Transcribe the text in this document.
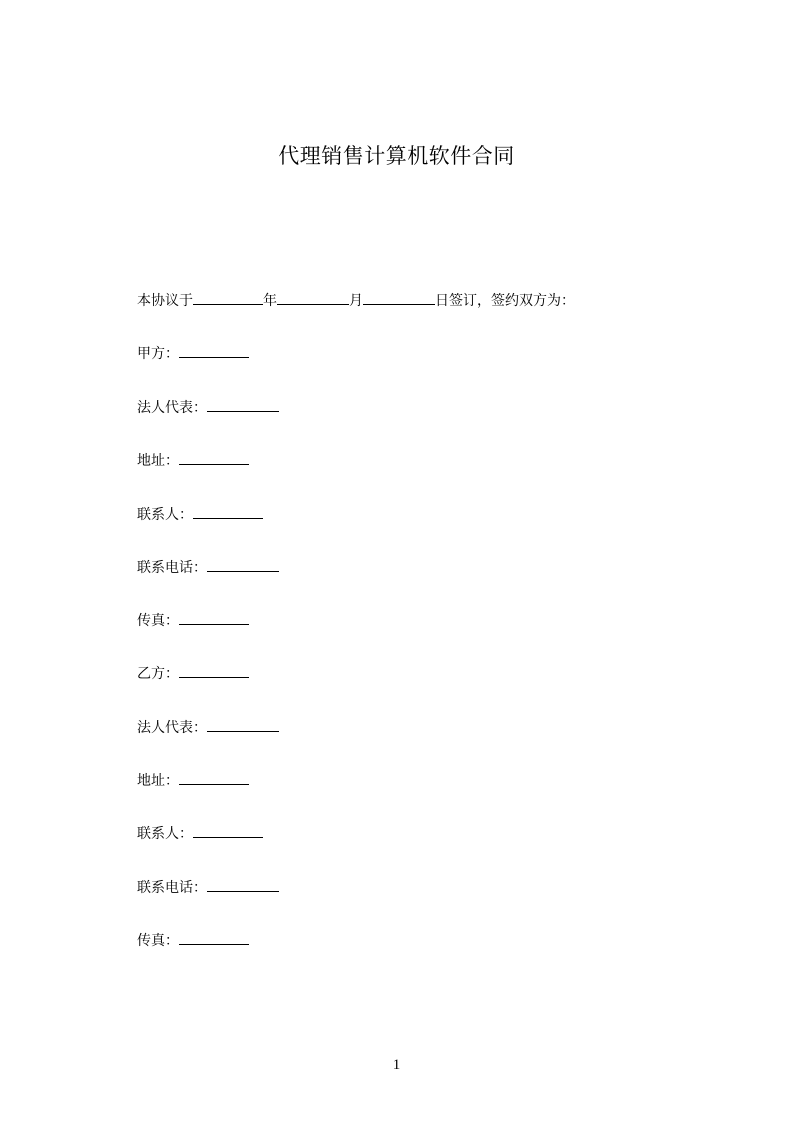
代理销售计算机软件合同
本协议于	年	月	日签订，签约双方为：
甲方：
法人代表：
地址：
联系人：
联系电话：
传真：
乙方：
法人代表：
地址：
联系人：
联系电话：
传真：
1
